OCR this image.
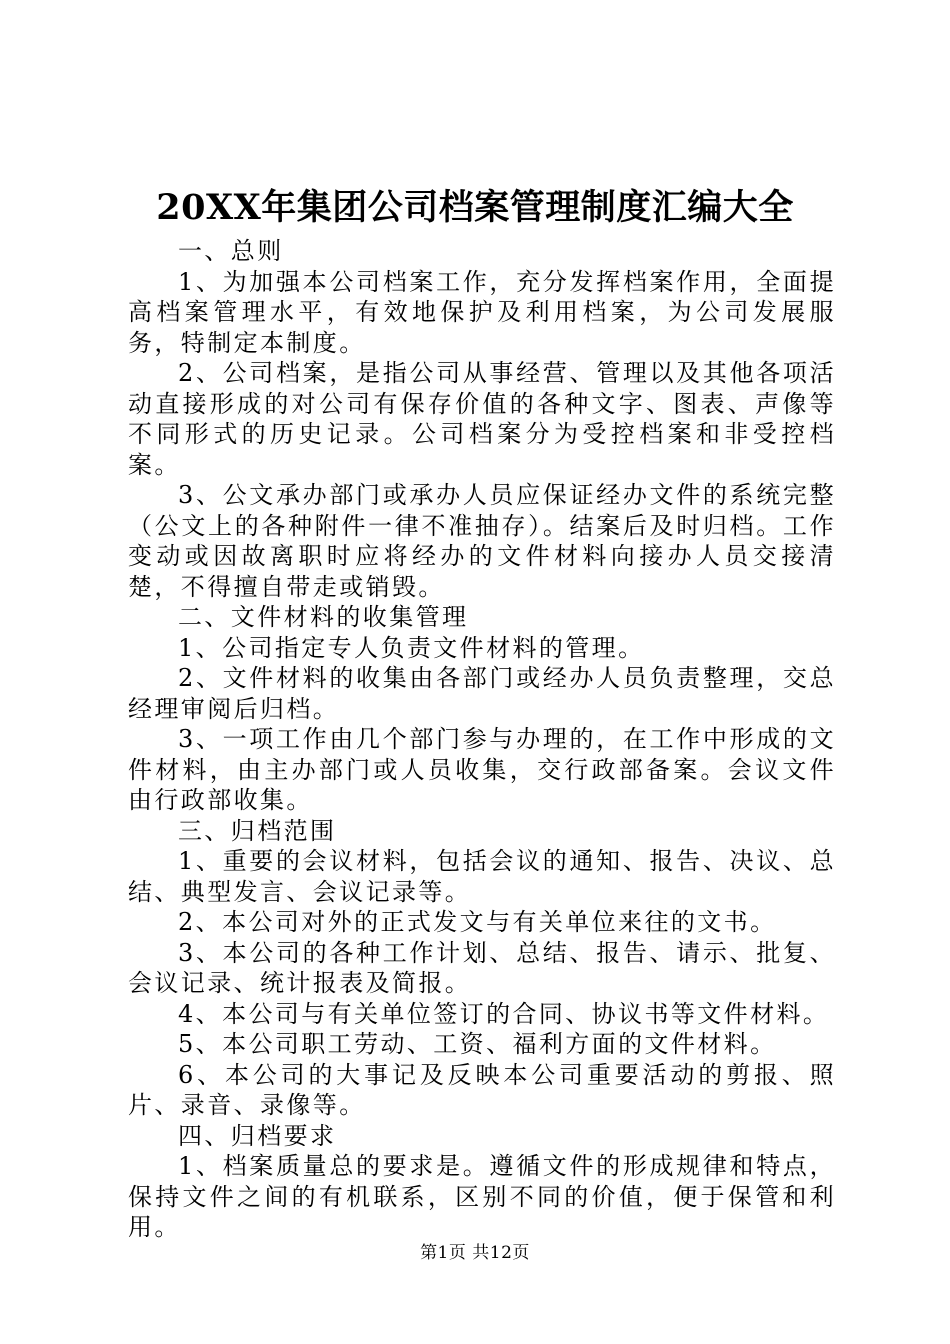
20XX年集团公司档案管理制度汇编大全

一、总则

1、为加强本公司档案工作，充分发挥档案作用，全面提高档案管理水平，有效地保护及利用档案，为公司发展服务，特制定本制度。

2、公司档案，是指公司从事经营、管理以及其他各项活动直接形成的对公司有保存价值的各种文字、图表、声像等不同形式的历史记录。公司档案分为受控档案和非受控档案。

3、公文承办部门或承办人员应保证经办文件的系统完整（公文上的各种附件一律不准抽存）。结案后及时归档。工作变动或因故离职时应将经办的文件材料向接办人员交接清楚，不得擅自带走或销毁。

二、文件材料的收集管理

1、公司指定专人负责文件材料的管理。

2、文件材料的收集由各部门或经办人员负责整理，交总经理审阅后归档。

3、一项工作由几个部门参与办理的，在工作中形成的文件材料，由主办部门或人员收集，交行政部备案。会议文件由行政部收集。

三、归档范围

1、重要的会议材料，包括会议的通知、报告、决议、总结、典型发言、会议记录等。

2、本公司对外的正式发文与有关单位来往的文书。

3、本公司的各种工作计划、总结、报告、请示、批复、会议记录、统计报表及简报。

4、本公司与有关单位签订的合同、协议书等文件材料。

5、本公司职工劳动、工资、福利方面的文件材料。

6、本公司的大事记及反映本公司重要活动的剪报、照片、录音、录像等。

四、归档要求

1、档案质量总的要求是。遵循文件的形成规律和特点，保持文件之间的有机联系，区别不同的价值，便于保管和利用。

第1页 共12页
